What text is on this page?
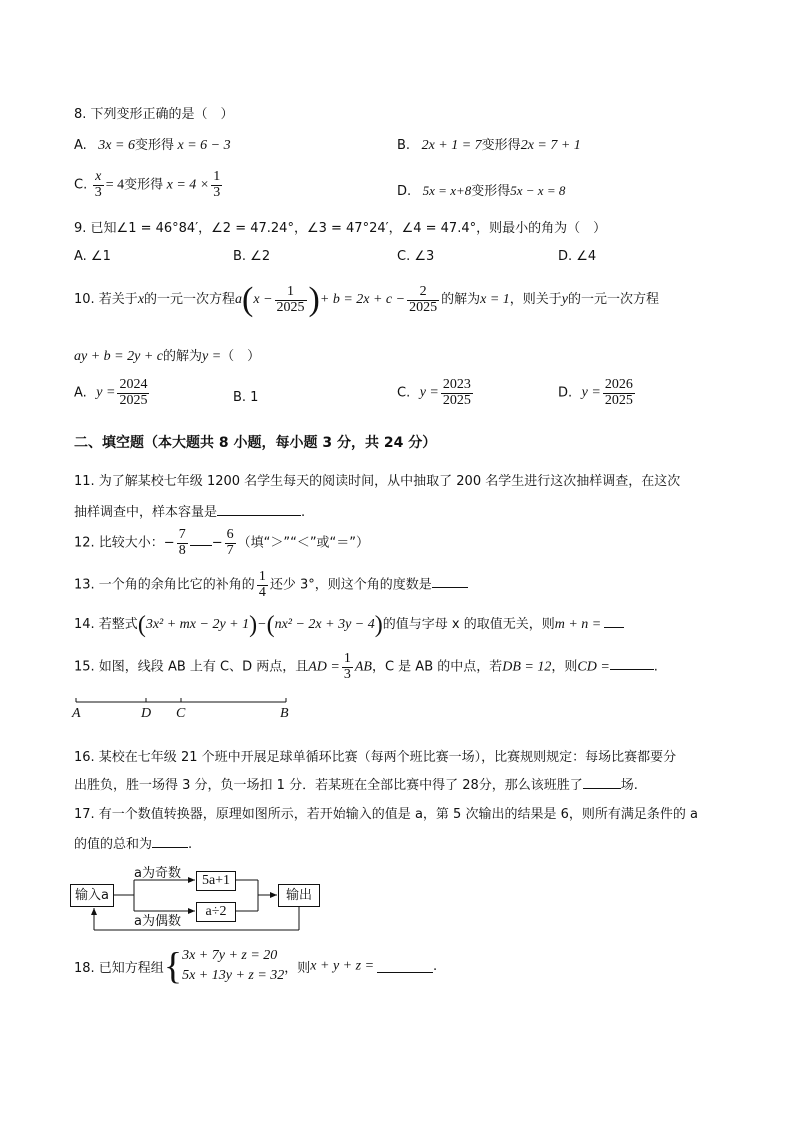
8. 下列变形正确的是（　）
A. 3x = 6变形得 x = 6 − 3	B. 2x + 1 = 7变形得2x = 7 + 1
C. $\frac{x}{3} = 4$变形得 $x = 4 \times \frac{1}{3}$	D. 5x = x+8变形得5x − x = 8
9. 已知∠1 = 46°84′，∠2 = 47.24°，∠3 = 47°24′，∠4 = 47.4°，则最小的角为（　）
A. ∠1	B. ∠2	C. ∠3	D. ∠4
10. 若关于x的一元一次方程$a(x - \frac{1}{2025}$ )+ $b = 2x + c - \frac{2}{2025}$ 的解为x = 1，则关于y的一元一次方程
ay + b = 2y + c的解为y =（　）
A. $y = \frac{2024}{2025}$	B. 1	C. $y = \frac{2023}{2025}$	D. $y = \frac{2026}{2025}$
二、填空题（本大题共 8 小题，每小题 3 分，共 24 分）
11. 为了解某校七年级 1200 名学生每天的阅读时间，从中抽取了 200 名学生进行这次抽样调查，在这次
抽样调查中，样本容量是	.
12. 比较大小：− $\frac{7}{8} - \frac{6}{7}$ （填“＞”“＜”或“＝”）
13. 一个角的余角比它的补角的 $\frac{1}{4}$ 还少 3°，则这个角的度数是
14. 若整式(3x² + mx − 2y + 1)−(nx² − 2x + 3y − 4)的值与字母 x 的取值无关，则m + n =
15. 如图，线段 AB 上有 C、D 两点，且AD = $\frac{1}{3}$ AB，C 是 AB 的中点，若DB = 12，则CD =	.
A	D C	B
16. 某校在七年级 21 个班中开展足球单循环比赛（每两个班比赛一场），比赛规则规定：每场比赛都要分
出胜负，胜一场得 3 分，负一场扣 1 分．若某班在全部比赛中得了 28分，那么该班胜了	场.
17. 有一个数值转换器，原理如图所示，若开始输入的值是 a，第 5 次输出的结果是 6，则所有满足条件的 a
的值的总和为	.
输入a
5a+1
a÷2
输出
a为奇数
a为偶数
18. 已知方程组{ 3x + 7y + z = 20
5x + 13y + z = 32 ，则x + y + z =	.
